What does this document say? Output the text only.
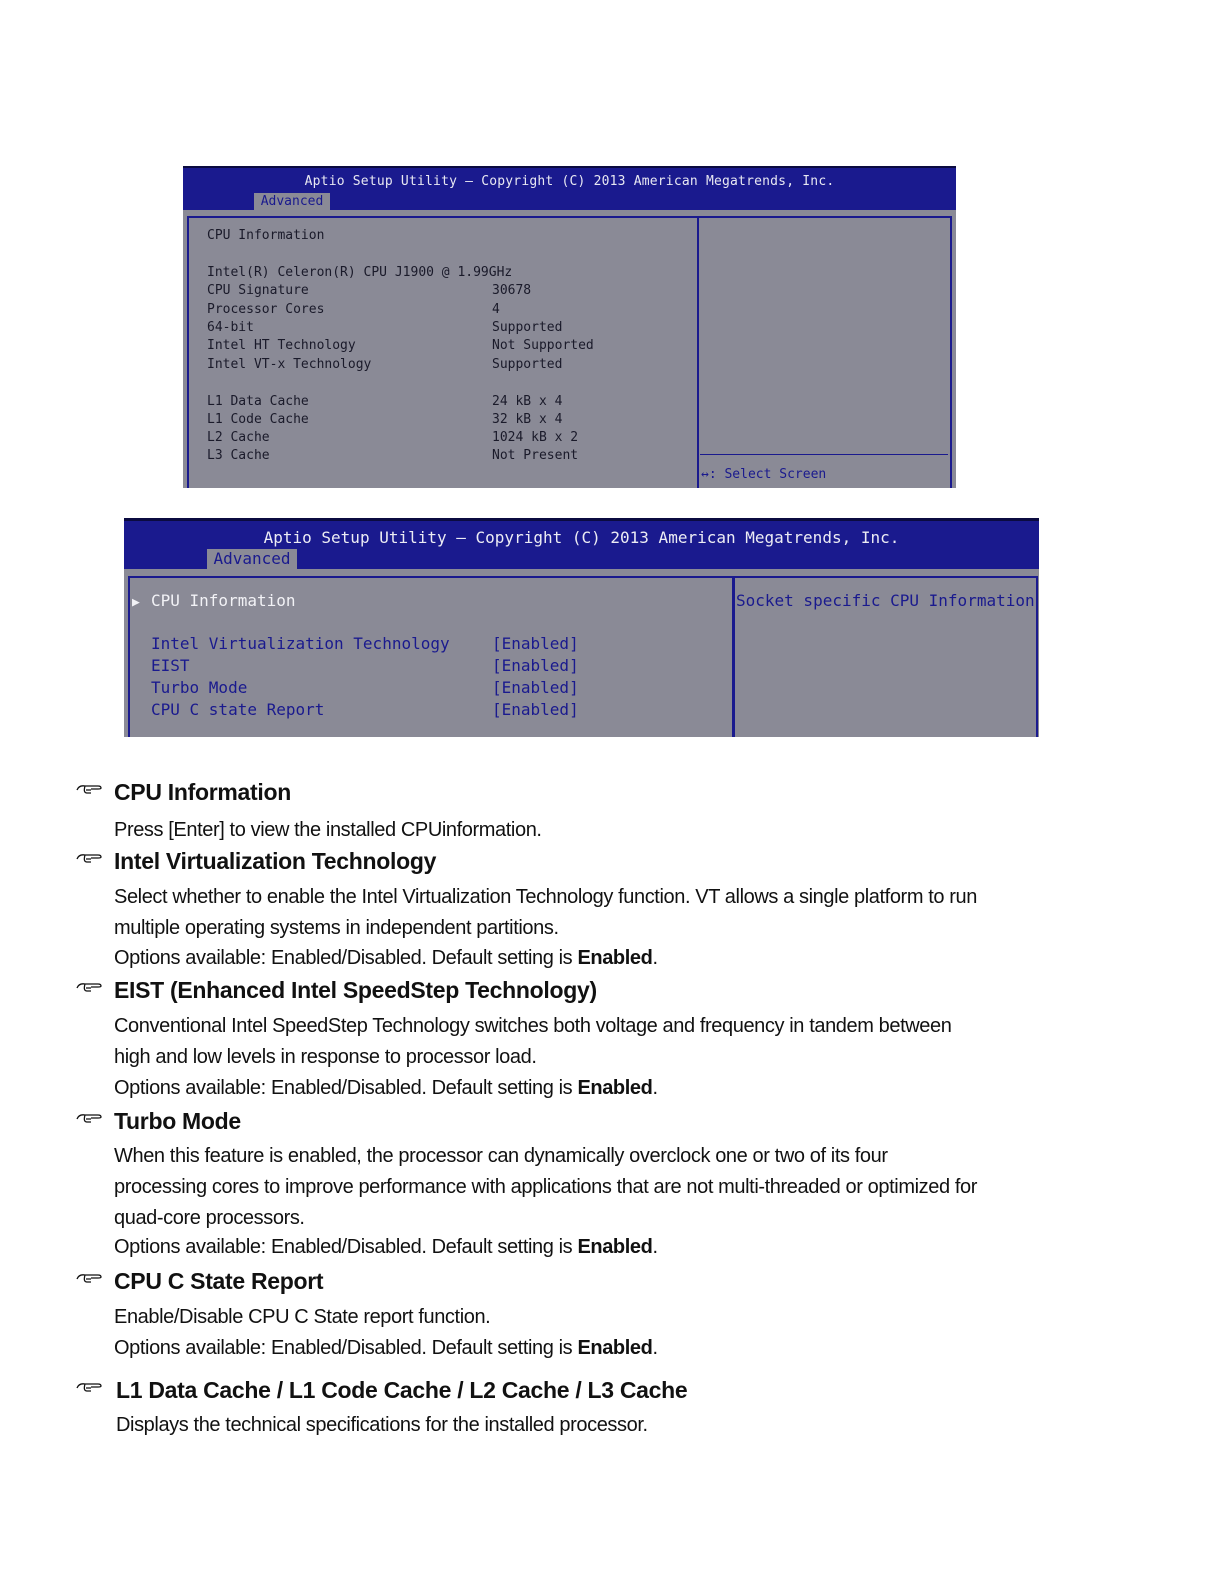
Aptio Setup Utility – Copyright (C) 2013 American Megatrends, Inc.
Advanced
CPU Information
Intel(R) Celeron(R) CPU J1900 @ 1.99GHz
CPU Signature	30678
Processor Cores	4
64-bit	Supported
Intel HT Technology	Not Supported
Intel VT-x Technology	Supported
L1 Data Cache	24 kB x 4
L1 Code Cache	32 kB x 4
L2 Cache	1024 kB x 2
L3 Cache	Not Present
↔: Select Screen
Aptio Setup Utility – Copyright (C) 2013 American Megatrends, Inc.
Advanced
▶ CPU Information
Intel Virtualization Technology	[Enabled]
EIST	[Enabled]
Turbo Mode	[Enabled]
CPU C state Report	[Enabled]
Socket specific CPU Information
CPU Information

Press [Enter] to view the installed CPUinformation.

Intel Virtualization Technology

Select whether to enable the Intel Virtualization Technology function. VT allows a single platform to run multiple operating systems in independent partitions.

Options available: Enabled/Disabled. Default setting is Enabled.

EIST (Enhanced Intel SpeedStep Technology)

Conventional Intel SpeedStep Technology switches both voltage and frequency in tandem between high and low levels in response to processor load.

Options available: Enabled/Disabled. Default setting is Enabled.

Turbo Mode

When this feature is enabled, the processor can dynamically overclock one or two of its four processing cores to improve performance with applications that are not multi-threaded or optimized for quad-core processors.

Options available: Enabled/Disabled. Default setting is Enabled.

CPU C State Report

Enable/Disable CPU C State report function.

Options available: Enabled/Disabled. Default setting is Enabled.

L1 Data Cache / L1 Code Cache / L2 Cache / L3 Cache

Displays the technical specifications for the installed processor.
